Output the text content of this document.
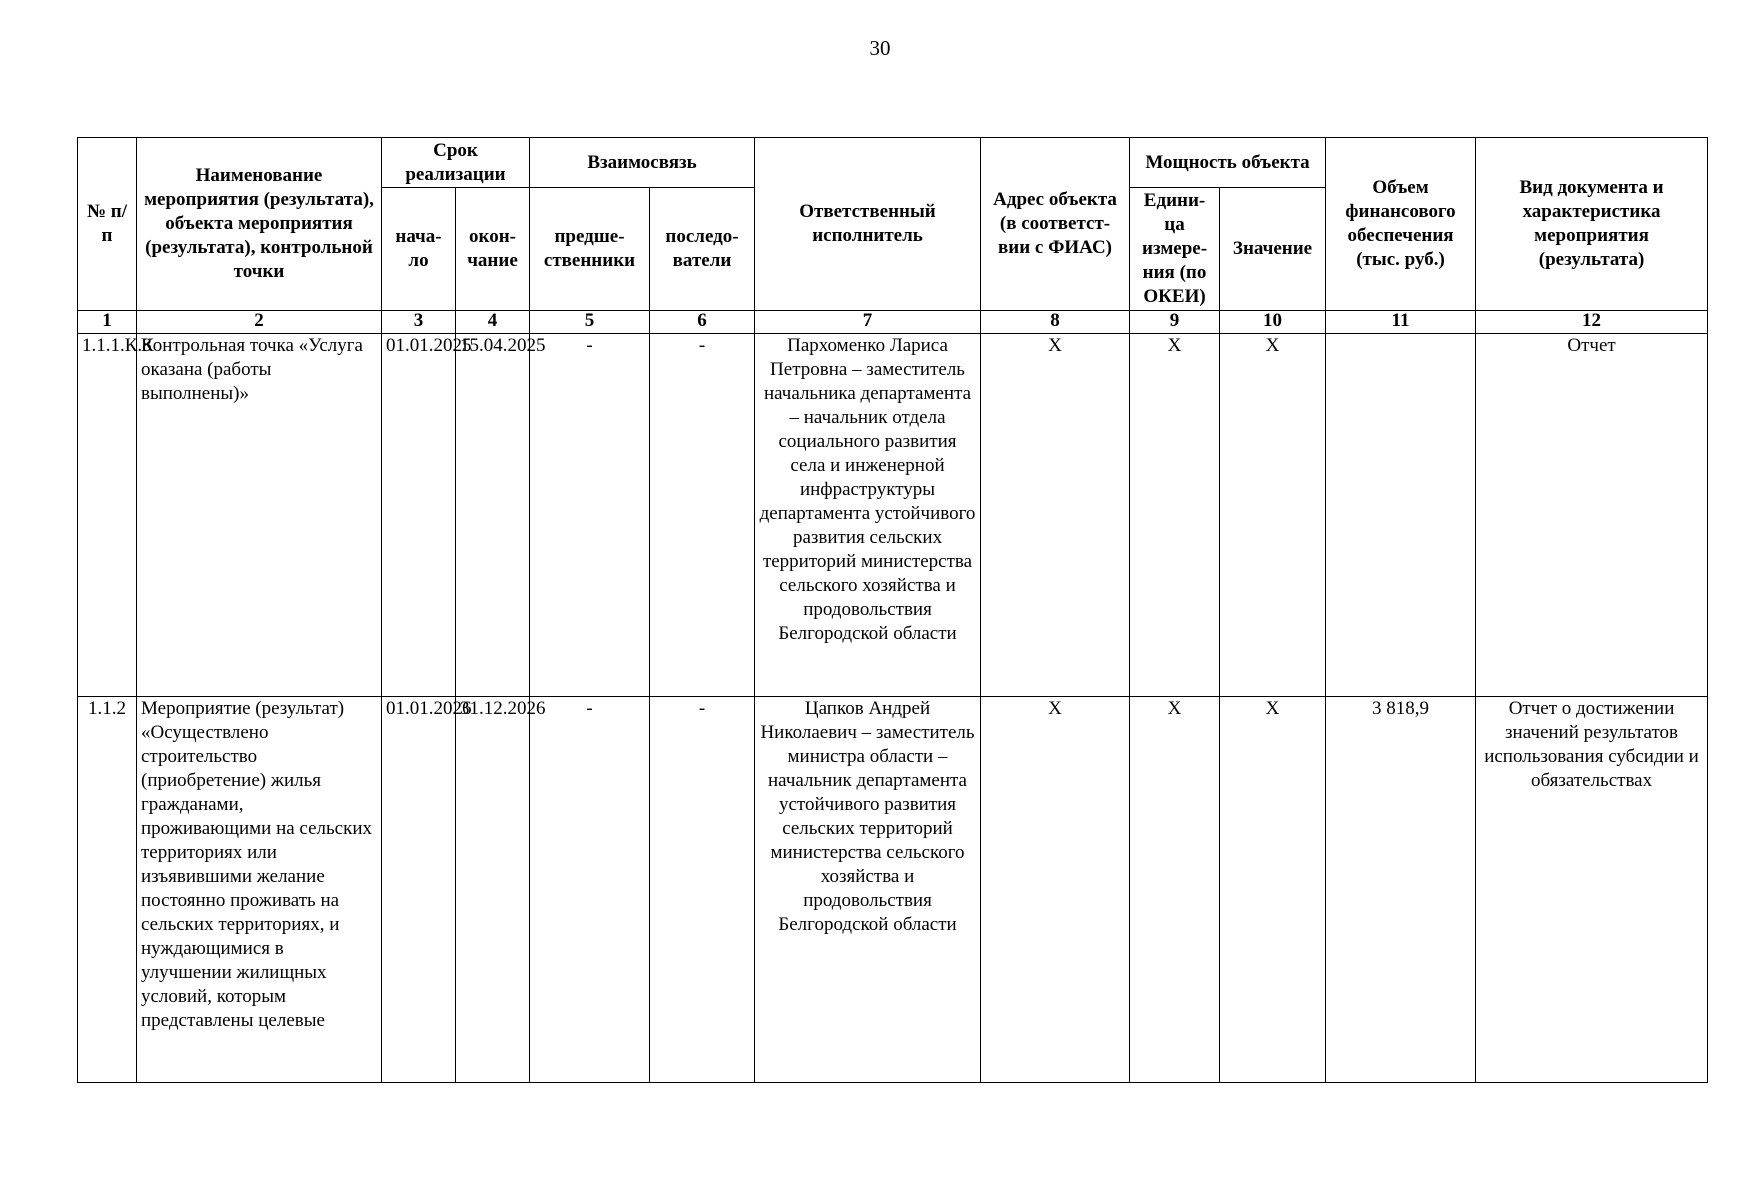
30
№ п/п	Наименование мероприятия (результата), объекта мероприятия (результата), контрольной точки	Срок реализации		Взаимосвязь		Ответственный исполнитель	Адрес объекта (в соответст-вии с ФИАС)	Мощность объекта		Объем финансового обеспечения (тыс. руб.)	Вид документа и характеристика мероприятия (результата)
		нача-ло	окон-чание	предше-ственники	последо-ватели			Едини-ца измере-ния (по ОКЕИ)	Значение		
1	2	3	4	5	6	7	8	9	10	11	12
1.1.1.К.8	Контрольная точка «Услуга оказана (работы выполнены)»	01.01.2025	15.04.2025	-	-	Пархоменко Лариса Петровна – заместитель начальника департамента – начальник отдела социального развития села и инженерной инфраструктуры департамента устойчивого развития сельских территорий министерства сельского хозяйства и продовольствия Белгородской области	Х	Х	Х		Отчет
1.1.2	Мероприятие (результат) «Осуществлено строительство (приобретение) жилья гражданами, проживающими на сельских территориях или изъявившими желание постоянно проживать на сельских территориях, и нуждающимися в улучшении жилищных условий, которым представлены целевые	01.01.2026	31.12.2026	-	-	Цапков Андрей Николаевич – заместитель министра области – начальник департамента устойчивого развития сельских территорий министерства сельского хозяйства и продовольствия Белгородской области	Х	Х	Х	3 818,9	Отчет о достижении значений результатов использования субсидии и обязательствах
